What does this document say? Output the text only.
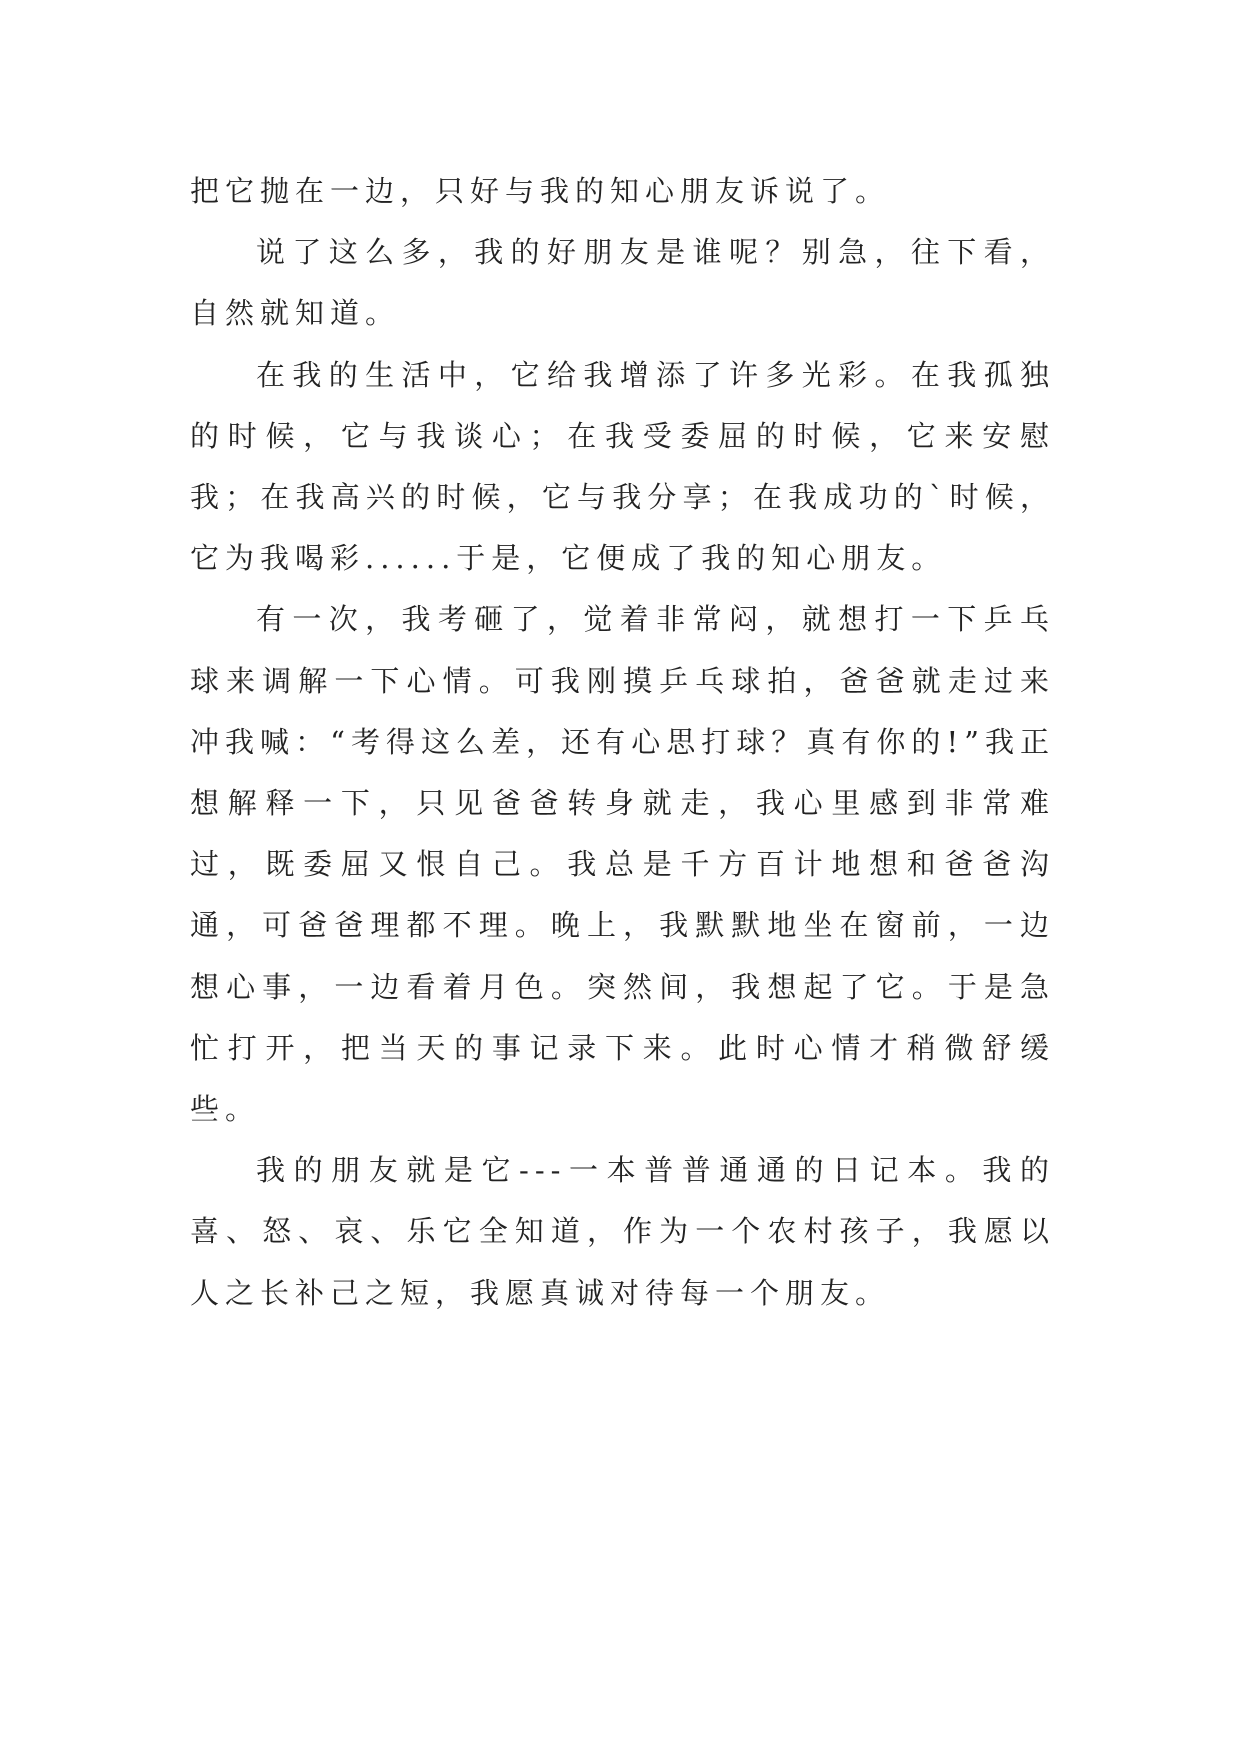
把它抛在一边，只好与我的知心朋友诉说了。

说了这么多，我的好朋友是谁呢？别急，往下看，自然就知道。

在我的生活中，它给我增添了许多光彩。在我孤独的时候，它与我谈心；在我受委屈的时候，它来安慰我；在我高兴的时候，它与我分享；在我成功的`时候，它为我喝彩......于是，它便成了我的知心朋友。

有一次，我考砸了，觉着非常闷，就想打一下乒乓球来调解一下心情。可我刚摸乒乓球拍，爸爸就走过来冲我喊：“考得这么差，还有心思打球？真有你的!”我正想解释一下，只见爸爸转身就走，我心里感到非常难过，既委屈又恨自己。我总是千方百计地想和爸爸沟通，可爸爸理都不理。晚上，我默默地坐在窗前，一边想心事，一边看着月色。突然间，我想起了它。于是急忙打开，把当天的事记录下来。此时心情才稍微舒缓些。

我的朋友就是它---一本普普通通的日记本。我的喜、怒、哀、乐它全知道，作为一个农村孩子，我愿以人之长补己之短，我愿真诚对待每一个朋友。
